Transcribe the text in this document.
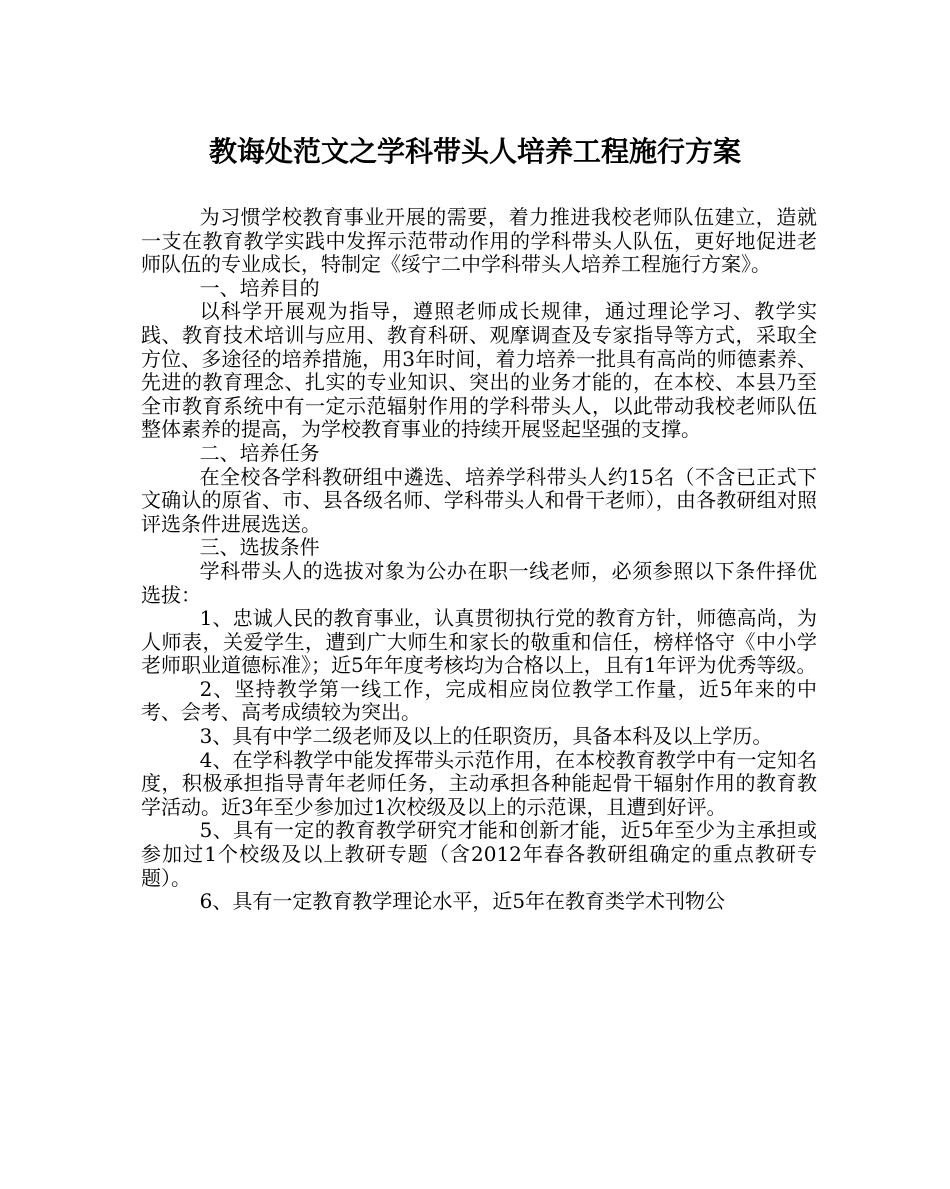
教诲处范文之学科带头人培养工程施行方案

为习惯学校教育事业开展的需要，着力推进我校老师队伍建立，造就一支在教育教学实践中发挥示范带动作用的学科带头人队伍，更好地促进老师队伍的专业成长，特制定《绥宁二中学科带头人培养工程施行方案》。

一、培养目的

以科学开展观为指导，遵照老师成长规律，通过理论学习、教学实践、教育技术培训与应用、教育科研、观摩调查及专家指导等方式，采取全方位、多途径的培养措施，用3年时间，着力培养一批具有高尚的师德素养、先进的教育理念、扎实的专业知识、突出的业务才能的，在本校、本县乃至全市教育系统中有一定示范辐射作用的学科带头人，以此带动我校老师队伍整体素养的提高，为学校教育事业的持续开展竖起坚强的支撑。

二、培养任务

在全校各学科教研组中遴选、培养学科带头人约15名（不含已正式下文确认的原省、市、县各级名师、学科带头人和骨干老师），由各教研组对照评选条件进展选送。

三、选拔条件

学科带头人的选拔对象为公办在职一线老师，必须参照以下条件择优选拔：

1、忠诚人民的教育事业，认真贯彻执行党的教育方针，师德高尚，为人师表，关爱学生，遭到广大师生和家长的敬重和信任，榜样恪守《中小学老师职业道德标准》；近5年年度考核均为合格以上，且有1年评为优秀等级。

2、坚持教学第一线工作，完成相应岗位教学工作量，近5年来的中考、会考、高考成绩较为突出。

3、具有中学二级老师及以上的任职资历，具备本科及以上学历。

4、在学科教学中能发挥带头示范作用，在本校教育教学中有一定知名度，积极承担指导青年老师任务，主动承担各种能起骨干辐射作用的教育教学活动。近3年至少参加过1次校级及以上的示范课，且遭到好评。

5、具有一定的教育教学研究才能和创新才能，近5年至少为主承担或参加过1个校级及以上教研专题（含2012年春各教研组确定的重点教研专题）。

6、具有一定教育教学理论水平，近5年在教育类学术刊物公
